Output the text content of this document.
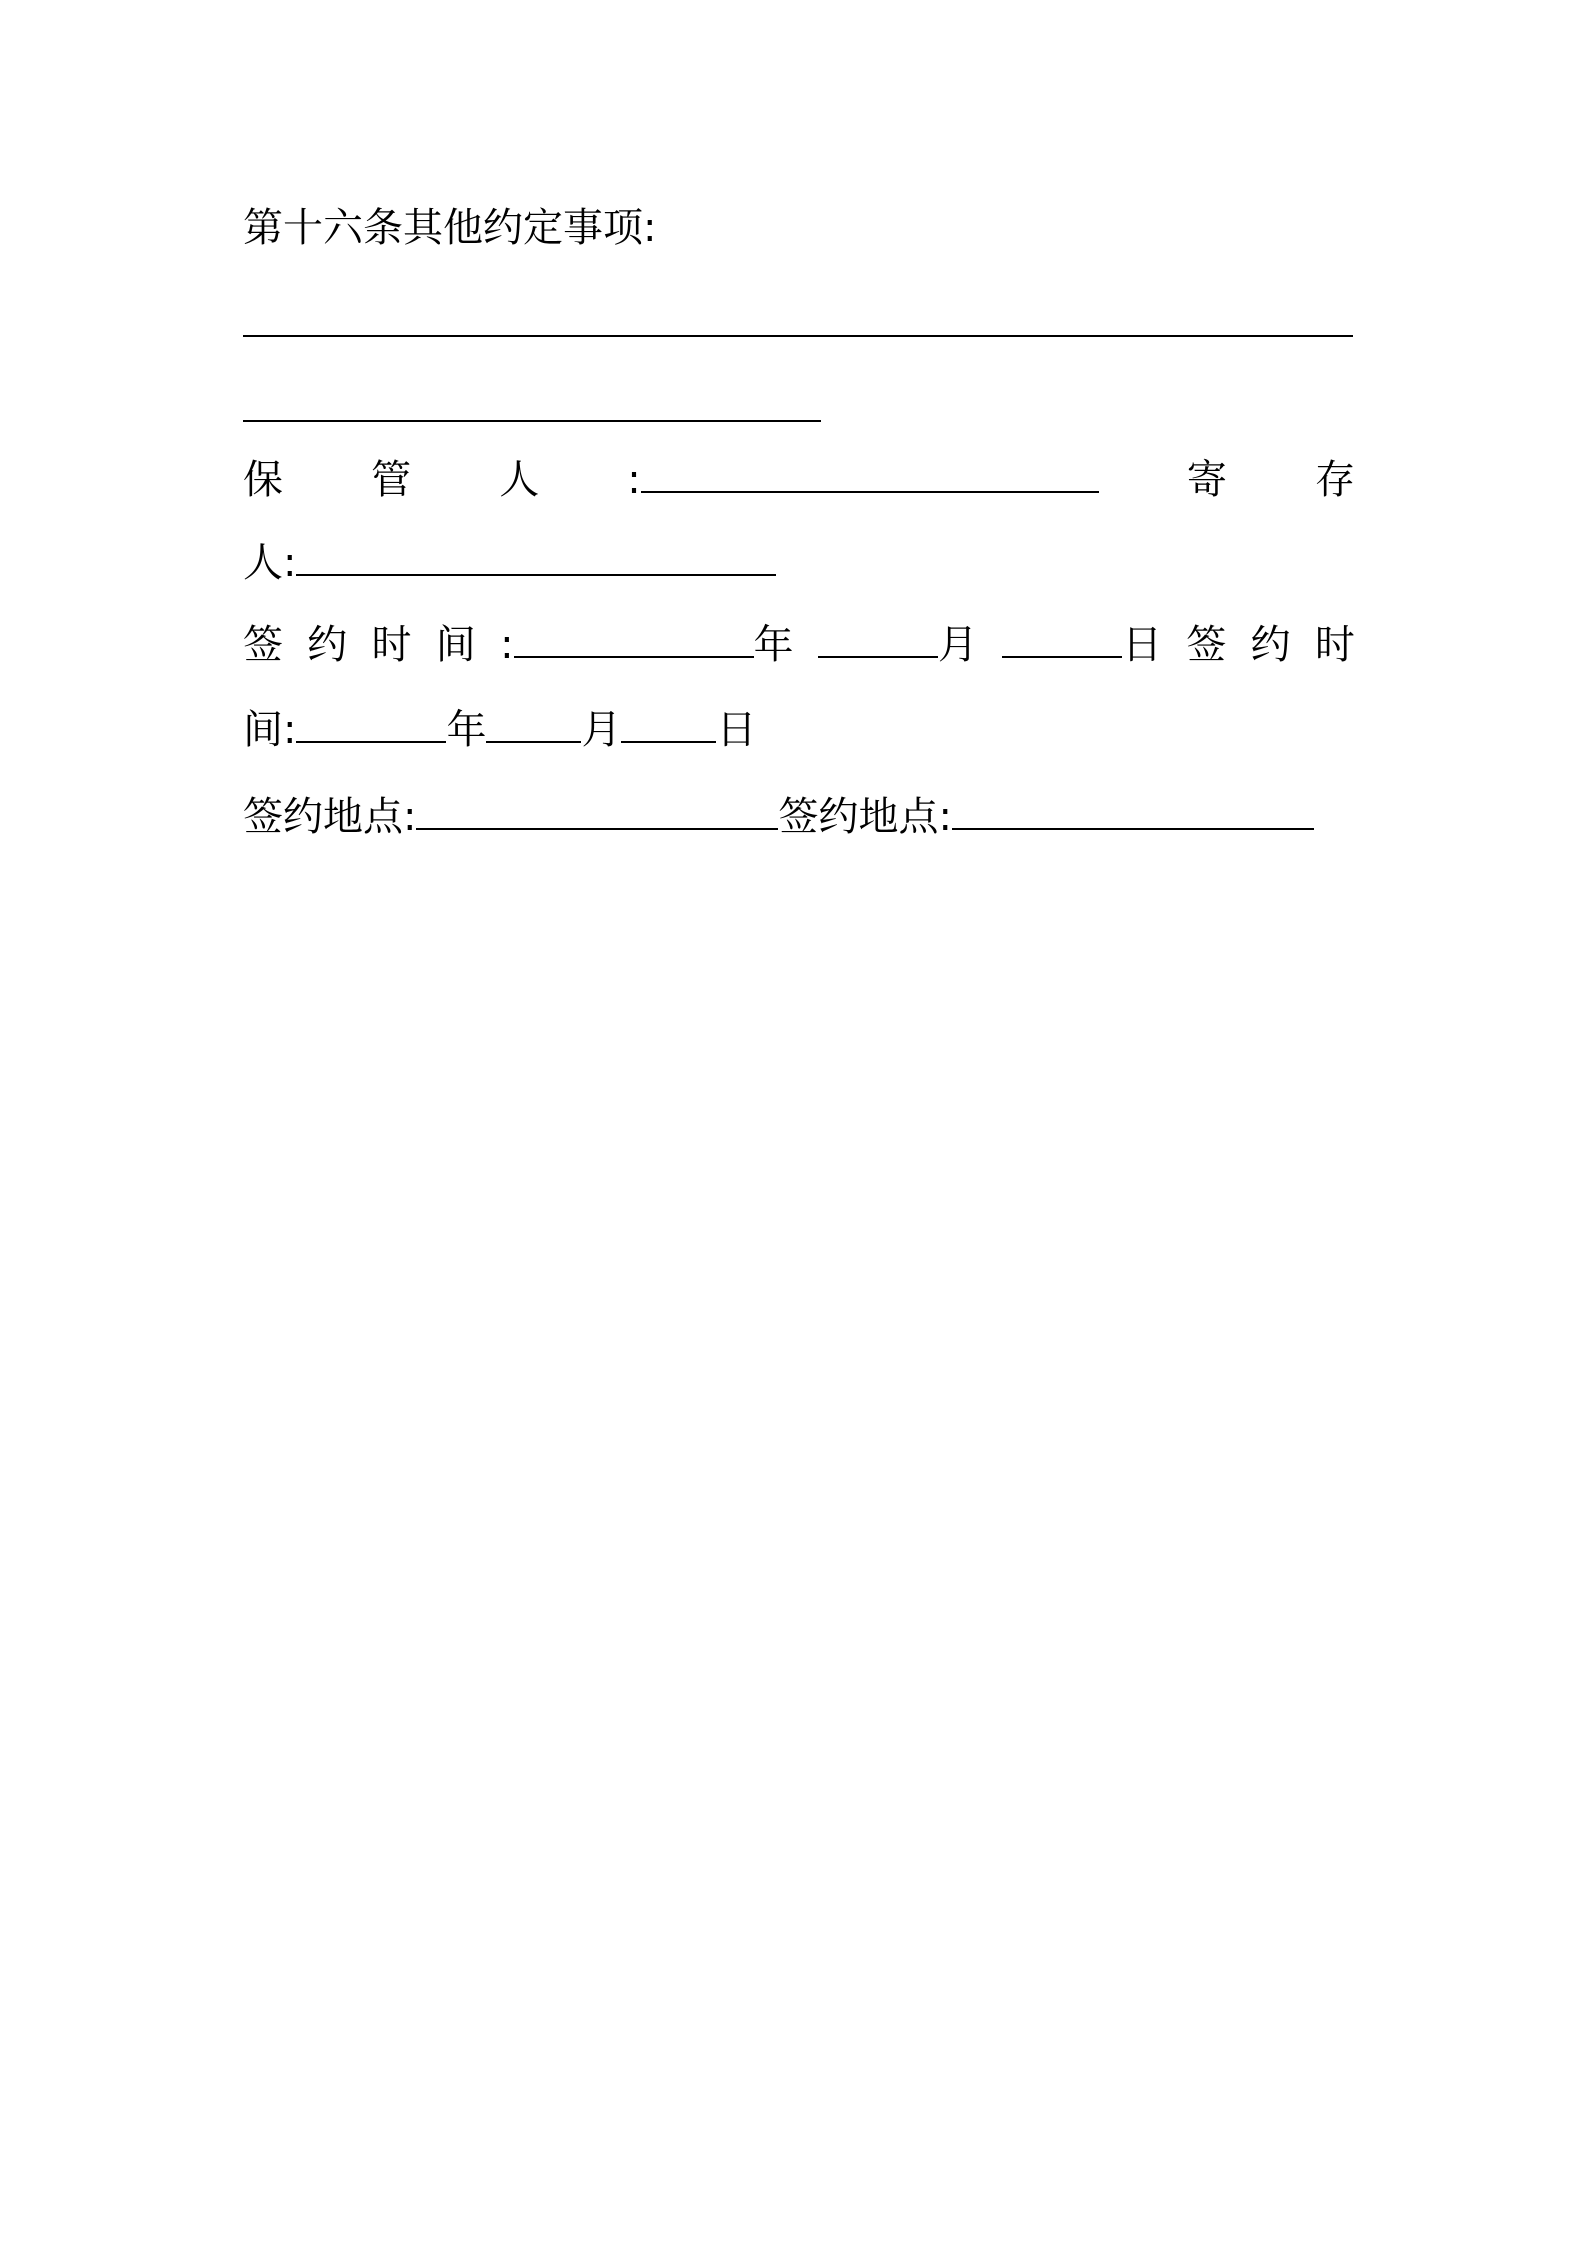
第十六条其他约定事项:
保 管 人 :	寄 存
人:
签 约 时 间 :	年	月	日 签 约 时
间:	年 月 日
签约地点:	签约地点:
